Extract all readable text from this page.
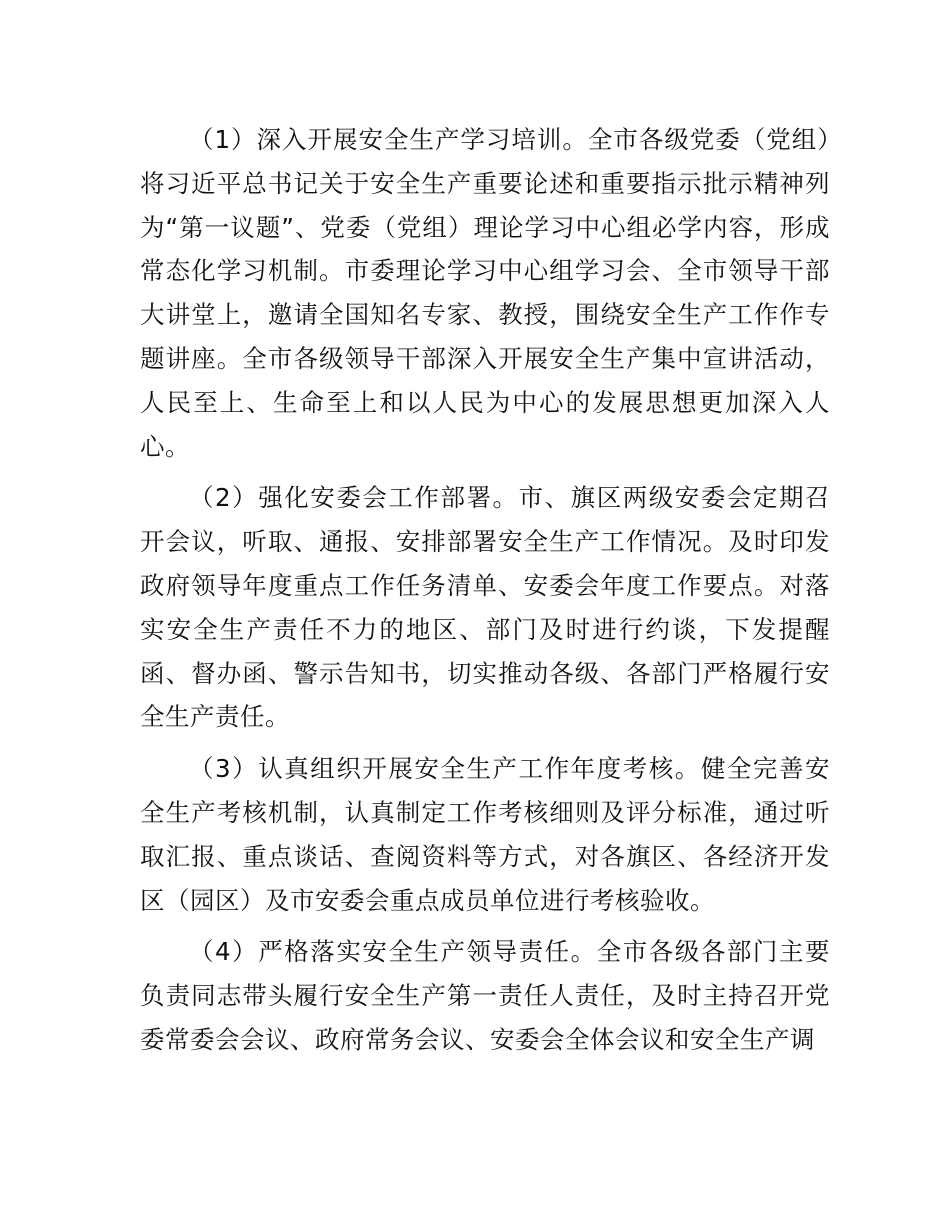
（1）深入开展安全生产学习培训。全市各级党委（党组）将习近平总书记关于安全生产重要论述和重要指示批示精神列为“第一议题”、党委（党组）理论学习中心组必学内容，形成常态化学习机制。市委理论学习中心组学习会、全市领导干部大讲堂上，邀请全国知名专家、教授，围绕安全生产工作作专题讲座。全市各级领导干部深入开展安全生产集中宣讲活动，人民至上、生命至上和以人民为中心的发展思想更加深入人心。

（2）强化安委会工作部署。市、旗区两级安委会定期召开会议，听取、通报、安排部署安全生产工作情况。及时印发政府领导年度重点工作任务清单、安委会年度工作要点。对落实安全生产责任不力的地区、部门及时进行约谈，下发提醒函、督办函、警示告知书，切实推动各级、各部门严格履行安全生产责任。

（3）认真组织开展安全生产工作年度考核。健全完善安全生产考核机制，认真制定工作考核细则及评分标准，通过听取汇报、重点谈话、查阅资料等方式，对各旗区、各经济开发区（园区）及市安委会重点成员单位进行考核验收。

（4）严格落实安全生产领导责任。全市各级各部门主要负责同志带头履行安全生产第一责任人责任，及时主持召开党委常委会会议、政府常务会议、安委会全体会议和安全生产调
